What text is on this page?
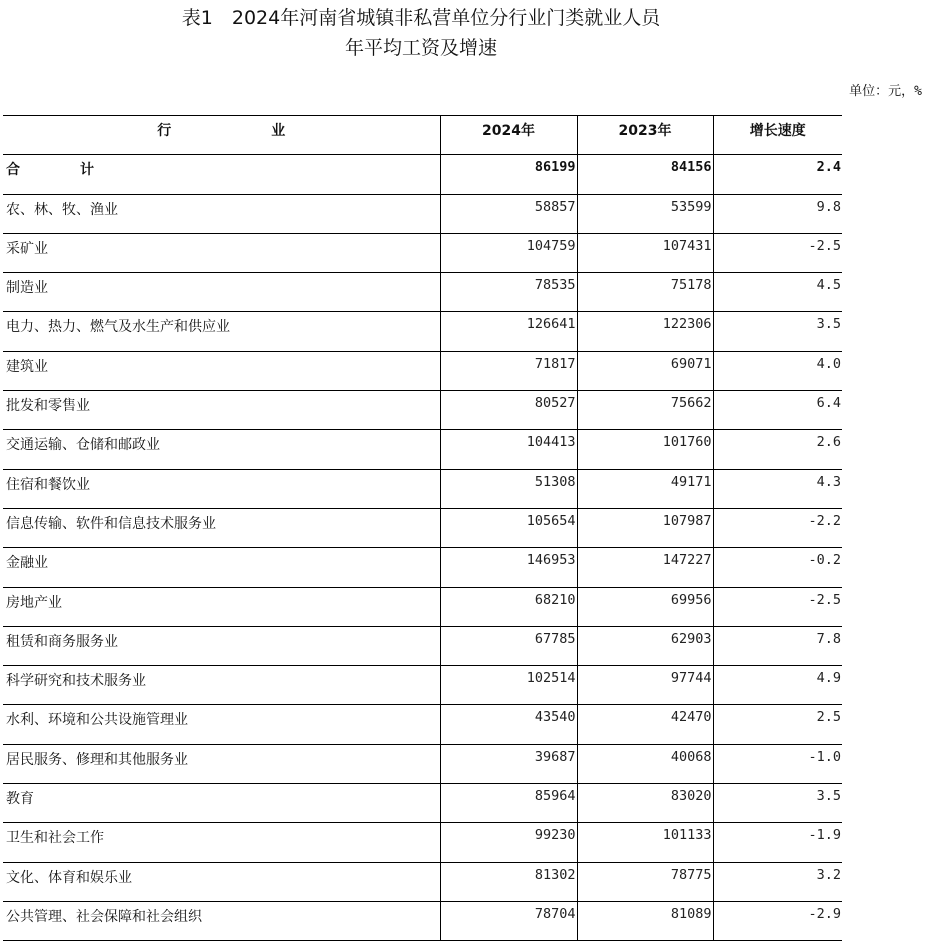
表1　2024年河南省城镇非私营单位分行业门类就业人员
年平均工资及增速
单位：元，%
行 业	2024年	2023年	增长速度
合 计	86199	84156	2.4
农、林、牧、渔业	58857	53599	9.8
采矿业	104759	107431	-2.5
制造业	78535	75178	4.5
电力、热力、燃气及水生产和供应业	126641	122306	3.5
建筑业	71817	69071	4.0
批发和零售业	80527	75662	6.4
交通运输、仓储和邮政业	104413	101760	2.6
住宿和餐饮业	51308	49171	4.3
信息传输、软件和信息技术服务业	105654	107987	-2.2
金融业	146953	147227	-0.2
房地产业	68210	69956	-2.5
租赁和商务服务业	67785	62903	7.8
科学研究和技术服务业	102514	97744	4.9
水利、环境和公共设施管理业	43540	42470	2.5
居民服务、修理和其他服务业	39687	40068	-1.0
教育	85964	83020	3.5
卫生和社会工作	99230	101133	-1.9
文化、体育和娱乐业	81302	78775	3.2
公共管理、社会保障和社会组织	78704	81089	-2.9
